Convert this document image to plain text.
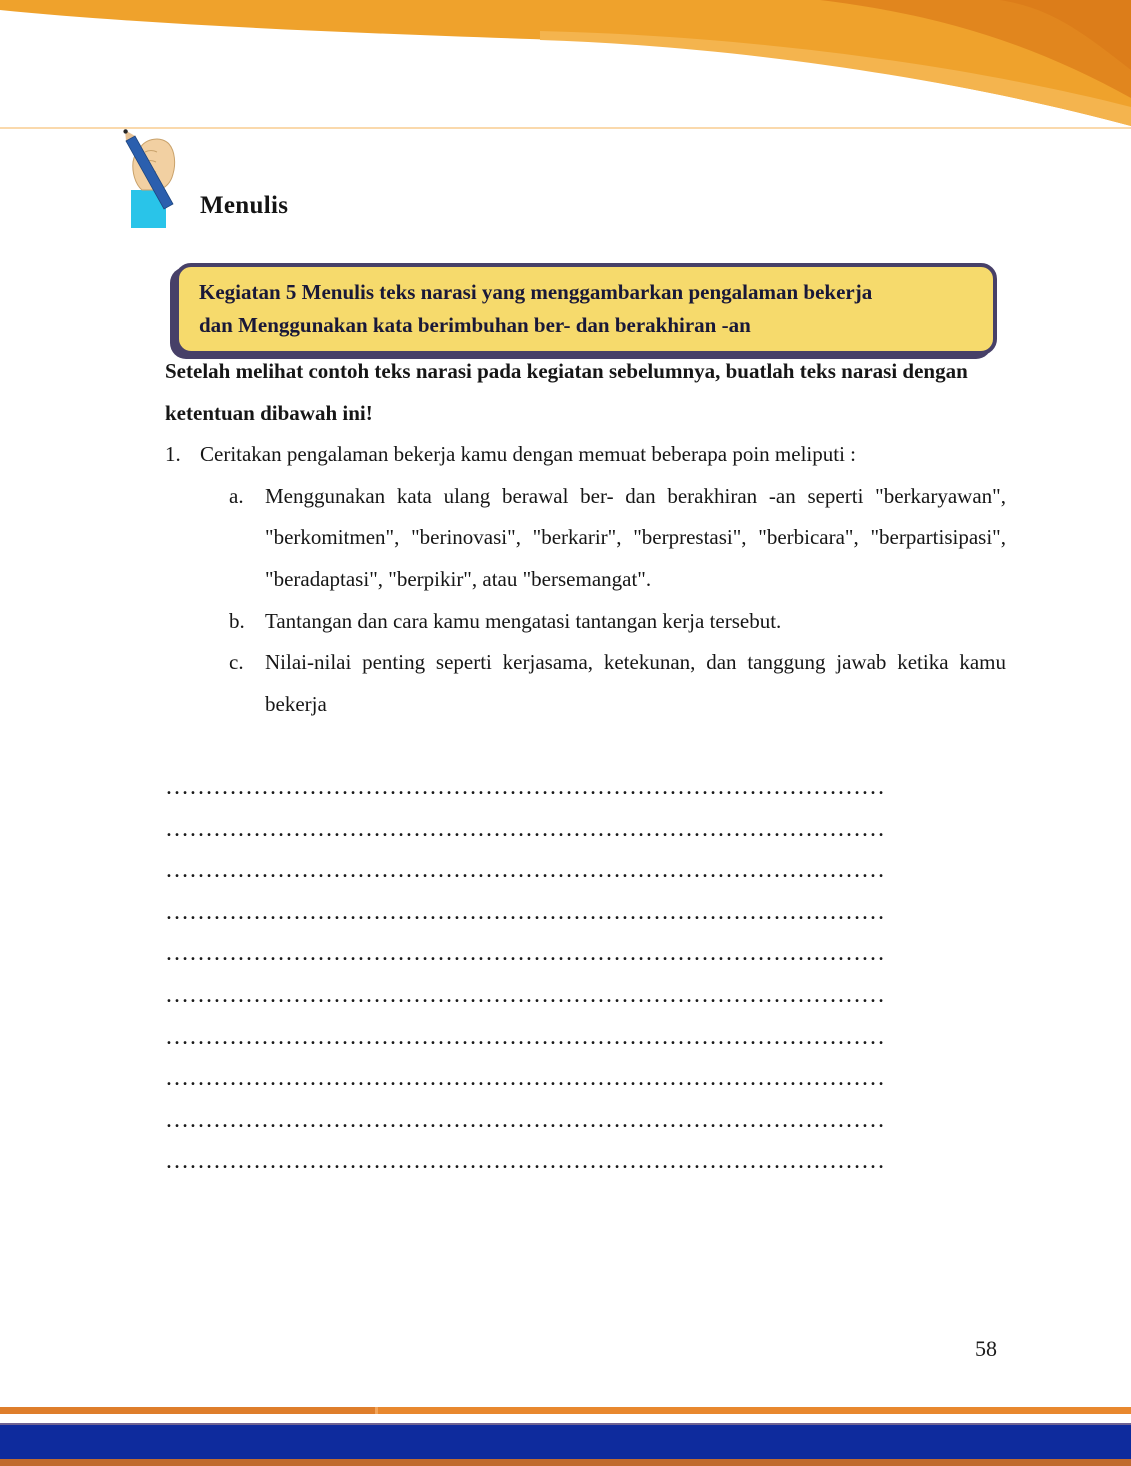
Menulis
Kegiatan 5 Menulis teks narasi yang menggambarkan pengalaman bekerja
dan Menggunakan kata berimbuhan ber- dan berakhiran -an

Setelah melihat contoh teks narasi pada kegiatan sebelumnya, buatlah teks narasi dengan ketentuan dibawah ini!

1. Ceritakan pengalaman bekerja kamu dengan memuat beberapa poin meliputi :
a.	Menggunakan kata ulang berawal ber- dan berakhiran -an seperti "berkaryawan", "berkomitmen", "berinovasi", "berkarir", "berprestasi", "berbicara", "berpartisipasi", "beradaptasi", "berpikir", atau "bersemangat".
b. Tantangan dan cara kamu mengatasi tantangan kerja tersebut.
c.	Nilai-nilai penting seperti kerjasama, ketekunan, dan tanggung jawab ketika kamu bekerja
………………………………………………………………………………
………………………………………………………………………………
………………………………………………………………………………
………………………………………………………………………………
………………………………………………………………………………
………………………………………………………………………………
………………………………………………………………………………
………………………………………………………………………………
………………………………………………………………………………
………………………………………………………………………………
58
